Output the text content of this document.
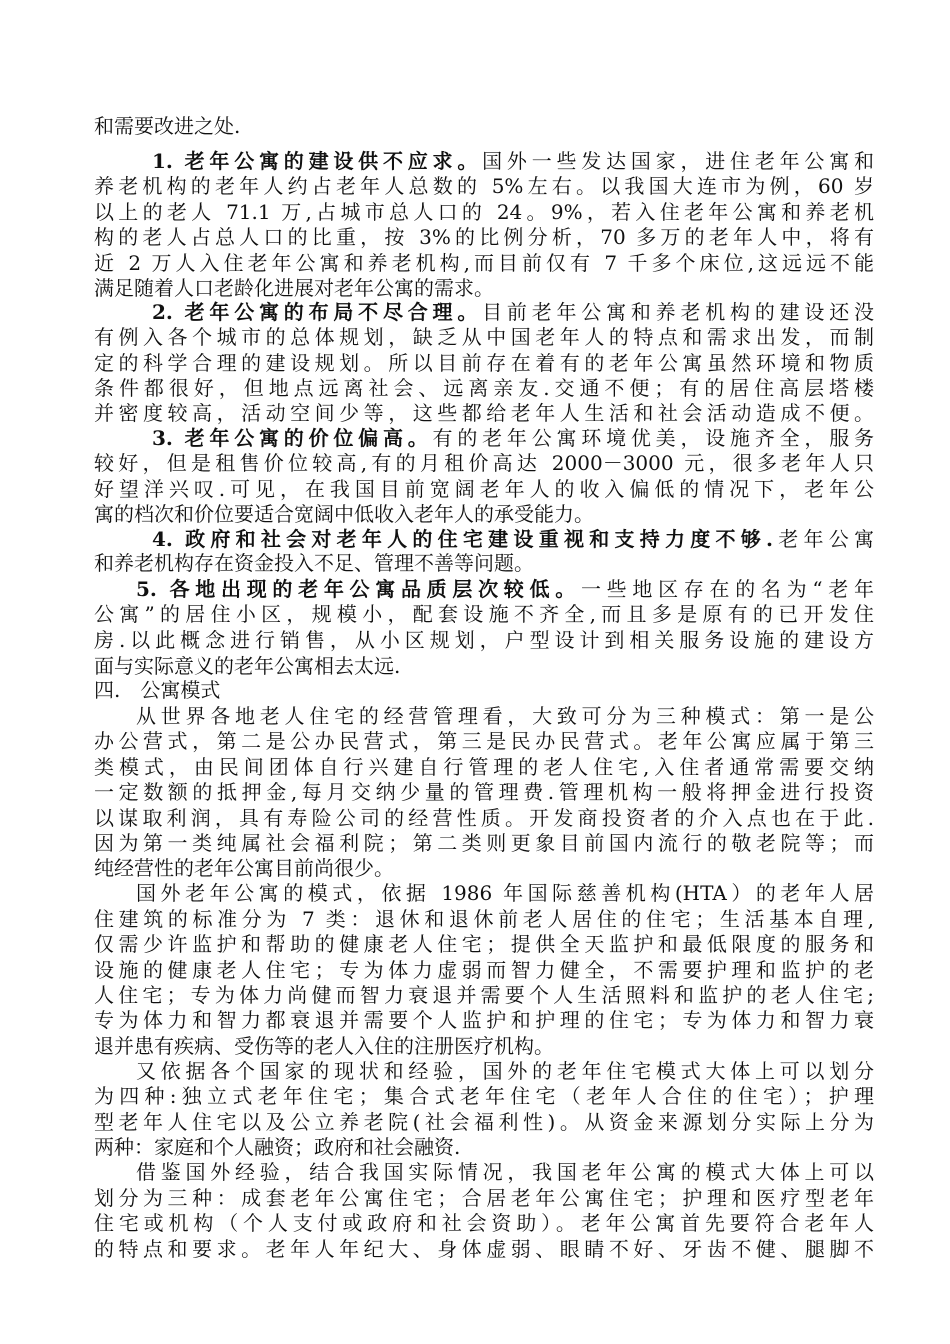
和需要改进之处.
1. 老年公寓的建设供不应求。国外一些发达国家，进住老年公寓和
养老机构的老年人约占老年人总数的 5%左右。以我国大连市为例，60 岁
以上的老人 71.1 万,占城市总人口的 24。9%，若入住老年公寓和养老机
构的老人占总人口的比重，按 3%的比例分析，70 多万的老年人中，将有
近 2 万人入住老年公寓和养老机构,而目前仅有 7 千多个床位,这远远不能
满足随着人口老龄化进展对老年公寓的需求。
2. 老年公寓的布局不尽合理。目前老年公寓和养老机构的建设还没
有例入各个城市的总体规划，缺乏从中国老年人的特点和需求出发，而制
定的科学合理的建设规划。所以目前存在着有的老年公寓虽然环境和物质
条件都很好，但地点远离社会、远离亲友.交通不便；有的居住高层塔楼
并密度较高，活动空间少等，这些都给老年人生活和社会活动造成不便。
3. 老年公寓的价位偏高。有的老年公寓环境优美，设施齐全，服务
较好，但是租售价位较高,有的月租价高达 2000－3000 元，很多老年人只
好望洋兴叹.可见，在我国目前宽阔老年人的收入偏低的情况下，老年公
寓的档次和价位要适合宽阔中低收入老年人的承受能力。
4. 政府和社会对老年人的住宅建设重视和支持力度不够.老年公寓
和养老机构存在资金投入不足、管理不善等问题。
5. 各地出现的老年公寓品质层次较低。一些地区存在的名为“老年
公寓”的居住小区，规模小，配套设施不齐全,而且多是原有的已开发住
房.以此概念进行销售，从小区规划，户型设计到相关服务设施的建设方
面与实际意义的老年公寓相去太远.
四.　公寓模式
从世界各地老人住宅的经营管理看，大致可分为三种模式：第一是公
办公营式，第二是公办民营式，第三是民办民营式。老年公寓应属于第三
类模式，由民间团体自行兴建自行管理的老人住宅,入住者通常需要交纳
一定数额的抵押金,每月交纳少量的管理费.管理机构一般将押金进行投资
以谋取利润，具有寿险公司的经营性质。开发商投资者的介入点也在于此.
因为第一类纯属社会福利院；第二类则更象目前国内流行的敬老院等；而
纯经营性的老年公寓目前尚很少。
国外老年公寓的模式，依据 1986 年国际慈善机构(HTA）的老年人居
住建筑的标准分为 7 类：退休和退休前老人居住的住宅；生活基本自理,
仅需少许监护和帮助的健康老人住宅；提供全天监护和最低限度的服务和
设施的健康老人住宅；专为体力虚弱而智力健全，不需要护理和监护的老
人住宅；专为体力尚健而智力衰退并需要个人生活照料和监护的老人住宅;
专为体力和智力都衰退并需要个人监护和护理的住宅；专为体力和智力衰
退并患有疾病、受伤等的老人入住的注册医疗机构。
又依据各个国家的现状和经验，国外的老年住宅模式大体上可以划分
为四种:独立式老年住宅；集合式老年住宅（老年人合住的住宅）；护理
型老年人住宅以及公立养老院(社会福利性)。从资金来源划分实际上分为
两种：家庭和个人融资；政府和社会融资.
借鉴国外经验，结合我国实际情况，我国老年公寓的模式大体上可以
划分为三种：成套老年公寓住宅；合居老年公寓住宅；护理和医疗型老年
住宅或机构（个人支付或政府和社会资助）。老年公寓首先要符合老年人
的特点和要求。老年人年纪大、身体虚弱、眼睛不好、牙齿不健、腿脚不
